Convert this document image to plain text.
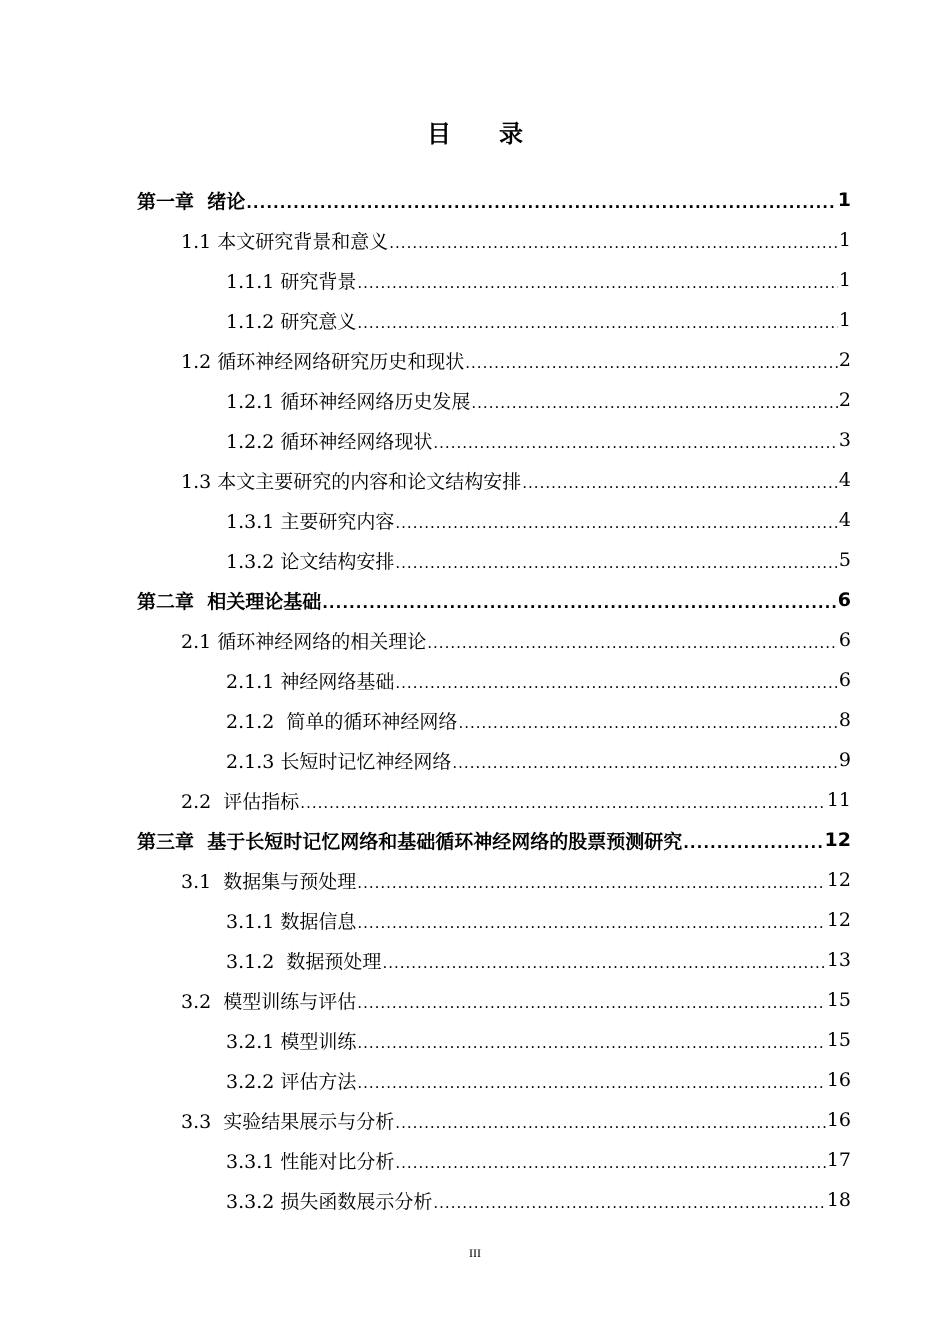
目录
第一章  绪论 .....	1
1.1 本文研究背景和意义 .....	1
1.1.1 研究背景 .....	1
1.1.2 研究意义 .....	1
1.2 循环神经网络研究历史和现状 .....	2
1.2.1 循环神经网络历史发展 .....	2
1.2.2 循环神经网络现状 .....	3
1.3 本文主要研究的内容和论文结构安排 .....	4
1.3.1 主要研究内容 .....	4
1.3.2 论文结构安排 .....	5
第二章  相关理论基础 .....	6
2.1 循环神经网络的相关理论 .....	6
2.1.1 神经网络基础 .....	6
2.1.2  简单的循环神经网络 .....	8
2.1.3 长短时记忆神经网络 .....	9
2.2  评估指标 .....	11
第三章  基于长短时记忆网络和基础循环神经网络的股票预测研究 .....	12
3.1  数据集与预处理 .....	12
3.1.1 数据信息 .....	12
3.1.2  数据预处理 .....	13
3.2  模型训练与评估 .....	15
3.2.1 模型训练 .....	15
3.2.2 评估方法 .....	16
3.3  实验结果展示与分析 .....	16
3.3.1 性能对比分析 .....	17
3.3.2 损失函数展示分析 .....	18
III
